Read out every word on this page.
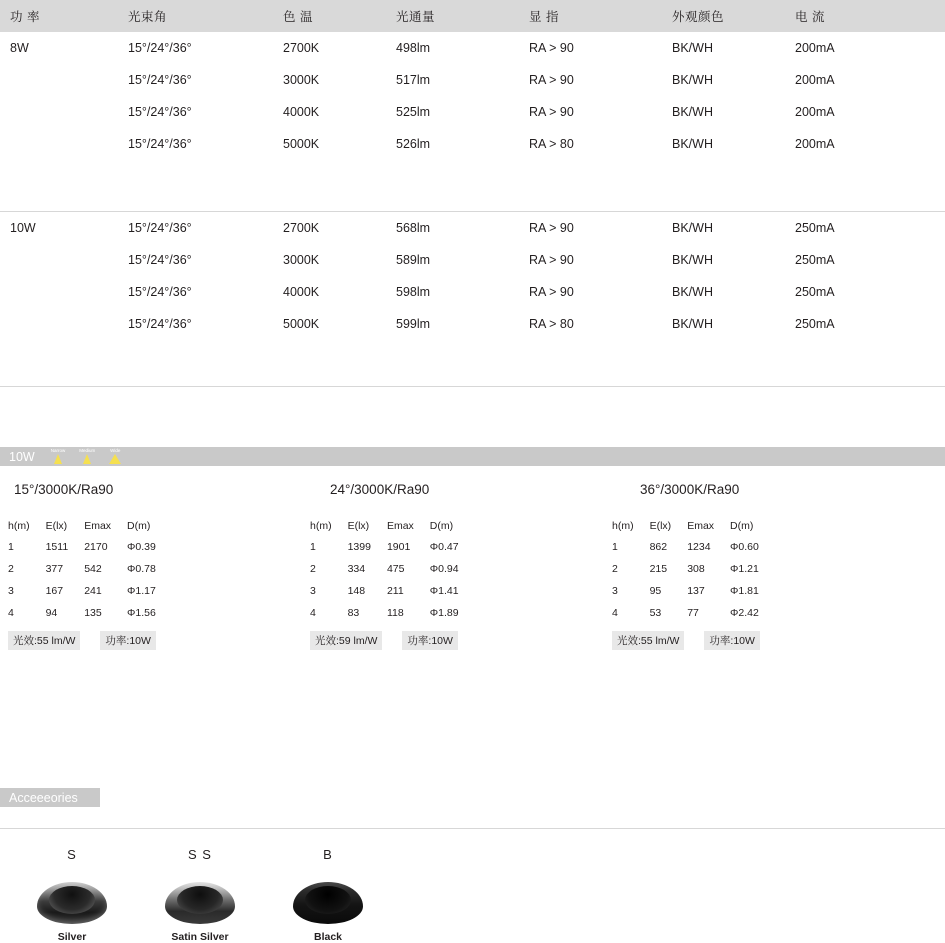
功 率	光束角	色 温	光通量	显 指	外观颜色	电 流
8W	15°/24°/36°	2700K	498lm	RA > 90	BK/WH	200mA
	15°/24°/36°	3000K	517lm	RA > 90	BK/WH	200mA
	15°/24°/36°	4000K	525lm	RA > 90	BK/WH	200mA
	15°/24°/36°	5000K	526lm	RA > 80	BK/WH	200mA

10W	15°/24°/36°	2700K	568lm	RA > 90	BK/WH	250mA
	15°/24°/36°	3000K	589lm	RA > 90	BK/WH	250mA
	15°/24°/36°	4000K	598lm	RA > 90	BK/WH	250mA
	15°/24°/36°	5000K	599lm	RA > 80	BK/WH	250mA

10W	Narrow	Medium	Wide
15°/3000K/Ra90	24°/3000K/Ra90	36°/3000K/Ra90
h(m)	E(lx)	Emax	D(m)
1	1511	2170	Φ0.39
2	377	542	Φ0.78
3	167	241	Φ1.17
4	94	135	Φ1.56
光效:55 lm/W	功率:10W
h(m)	E(lx)	Emax	D(m)
1	1399	1901	Φ0.47
2	334	475	Φ0.94
3	148	211	Φ1.41
4	83	118	Φ1.89
光效:59 lm/W	功率:10W
h(m)	E(lx)	Emax	D(m)
1	862	1234	Φ0.60
2	215	308	Φ1.21
3	95	137	Φ1.81
4	53	77	Φ2.42
光效:55 lm/W	功率:10W
Acceeeories
S
Silver
S S
Satin Silver
B
Black
